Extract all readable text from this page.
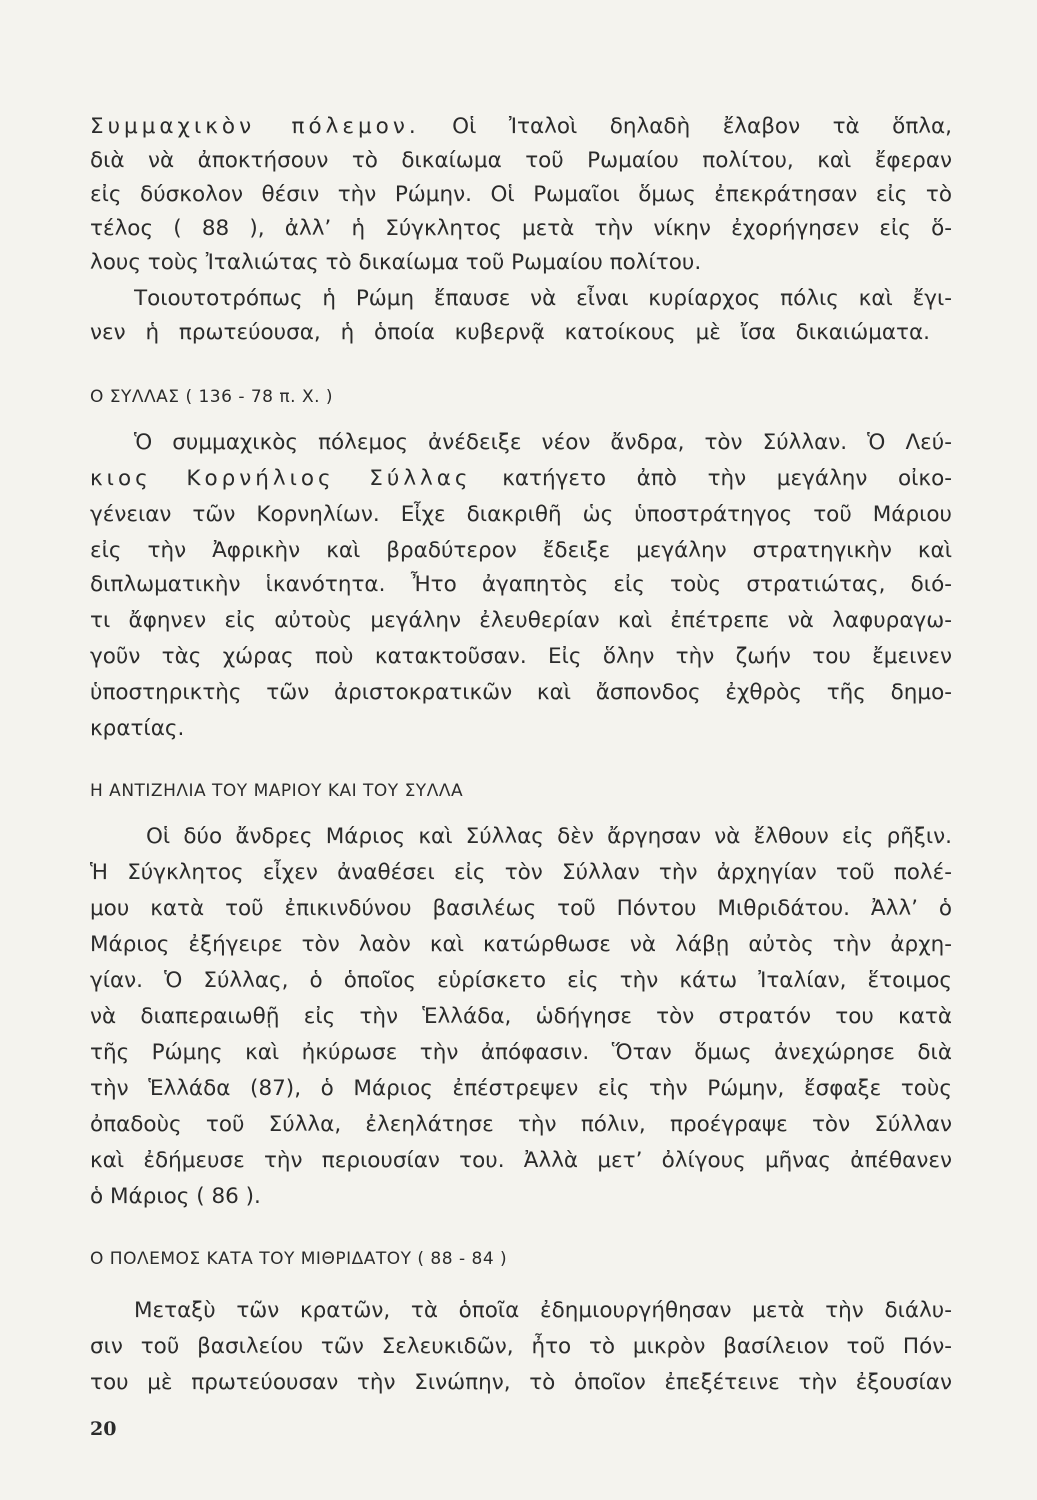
Συμμαχικὸν πόλεμον. Οἱ Ἰταλοὶ δηλαδὴ ἔλαβον τὰ ὅπλα,
διὰ νὰ ἀποκτήσουν τὸ δικαίωμα τοῦ Ρωμαίου πολίτου, καὶ ἔφεραν
εἰς δύσκολον θέσιν τὴν Ρώμην. Οἱ Ρωμαῖοι ὅμως ἐπεκράτησαν εἰς τὸ
τέλος ( 88 ), ἀλλ’ ἡ Σύγκλητος μετὰ τὴν νίκην ἐχορήγησεν εἰς ὅ-
λους τοὺς Ἰταλιώτας τὸ δικαίωμα τοῦ Ρωμαίου πολίτου.
Τοιουτοτρόπως ἡ Ρώμη ἔπαυσε νὰ εἶναι κυρίαρχος πόλις καὶ ἔγι-
νεν ἡ πρωτεύουσα, ἡ ὁποία κυβερνᾷ κατοίκους μὲ ἴσα δικαιώματα.
Ο ΣΥΛΛΑΣ ( 136 - 78 π. Χ. )
Ὁ συμμαχικὸς πόλεμος ἀνέδειξε νέον ἄνδρα, τὸν Σύλλαν. Ὁ Λεύ-
κιος Κορνήλιος Σύλλας κατήγετο ἀπὸ τὴν μεγάλην οἰκο-
γένειαν τῶν Κορνηλίων. Εἶχε διακριθῆ ὡς ὑποστράτηγος τοῦ Μάριου
εἰς τὴν Ἀφρικὴν καὶ βραδύτερον ἔδειξε μεγάλην στρατηγικὴν καὶ
διπλωματικὴν ἱκανότητα. Ἦτο ἀγαπητὸς εἰς τοὺς στρατιώτας, διό-
τι ἄφηνεν εἰς αὐτοὺς μεγάλην ἐλευθερίαν καὶ ἐπέτρεπε νὰ λαφυραγω-
γοῦν τὰς χώρας ποὺ κατακτοῦσαν. Εἰς ὅλην τὴν ζωήν του ἔμεινεν
ὑποστηρικτὴς τῶν ἀριστοκρατικῶν καὶ ἄσπονδος ἐχθρὸς τῆς δημο-
κρατίας.
Η ΑΝΤΙΖΗΛΙΑ ΤΟΥ ΜΑΡΙΟΥ ΚΑΙ ΤΟΥ ΣΥΛΛΑ
Οἱ δύο ἄνδρες Μάριος καὶ Σύλλας δὲν ἄργησαν νὰ ἔλθουν εἰς ρῆξιν.
Ἡ Σύγκλητος εἶχεν ἀναθέσει εἰς τὸν Σύλλαν τὴν ἀρχηγίαν τοῦ πολέ-
μου κατὰ τοῦ ἐπικινδύνου βασιλέως τοῦ Πόντου Μιθριδάτου. Ἀλλ’ ὁ
Μάριος ἐξήγειρε τὸν λαὸν καὶ κατώρθωσε νὰ λάβῃ αὐτὸς τὴν ἀρχη-
γίαν. Ὁ Σύλλας, ὁ ὁποῖος εὑρίσκετο εἰς τὴν κάτω Ἰταλίαν, ἕτοιμος
νὰ διαπεραιωθῇ εἰς τὴν Ἑλλάδα, ὡδήγησε τὸν στρατόν του κατὰ
τῆς Ρώμης καὶ ἠκύρωσε τὴν ἀπόφασιν. Ὅταν ὅμως ἀνεχώρησε διὰ
τὴν Ἑλλάδα (87), ὁ Μάριος ἐπέστρεψεν εἰς τὴν Ρώμην, ἔσφαξε τοὺς
ὀπαδοὺς τοῦ Σύλλα, ἐλεηλάτησε τὴν πόλιν, προέγραψε τὸν Σύλλαν
καὶ ἐδήμευσε τὴν περιουσίαν του. Ἀλλὰ μετ’ ὀλίγους μῆνας ἀπέθανεν
ὁ Μάριος ( 86 ).
Ο ΠΟΛΕΜΟΣ ΚΑΤΑ ΤΟΥ ΜΙΘΡΙΔΑΤΟΥ ( 88 - 84 )
Μεταξὺ τῶν κρατῶν, τὰ ὁποῖα ἐδημιουργήθησαν μετὰ τὴν διάλυ-
σιν τοῦ βασιλείου τῶν Σελευκιδῶν, ἦτο τὸ μικρὸν βασίλειον τοῦ Πόν-
του μὲ πρωτεύουσαν τὴν Σινώπην, τὸ ὁποῖον ἐπεξέτεινε τὴν ἐξουσίαν
20
